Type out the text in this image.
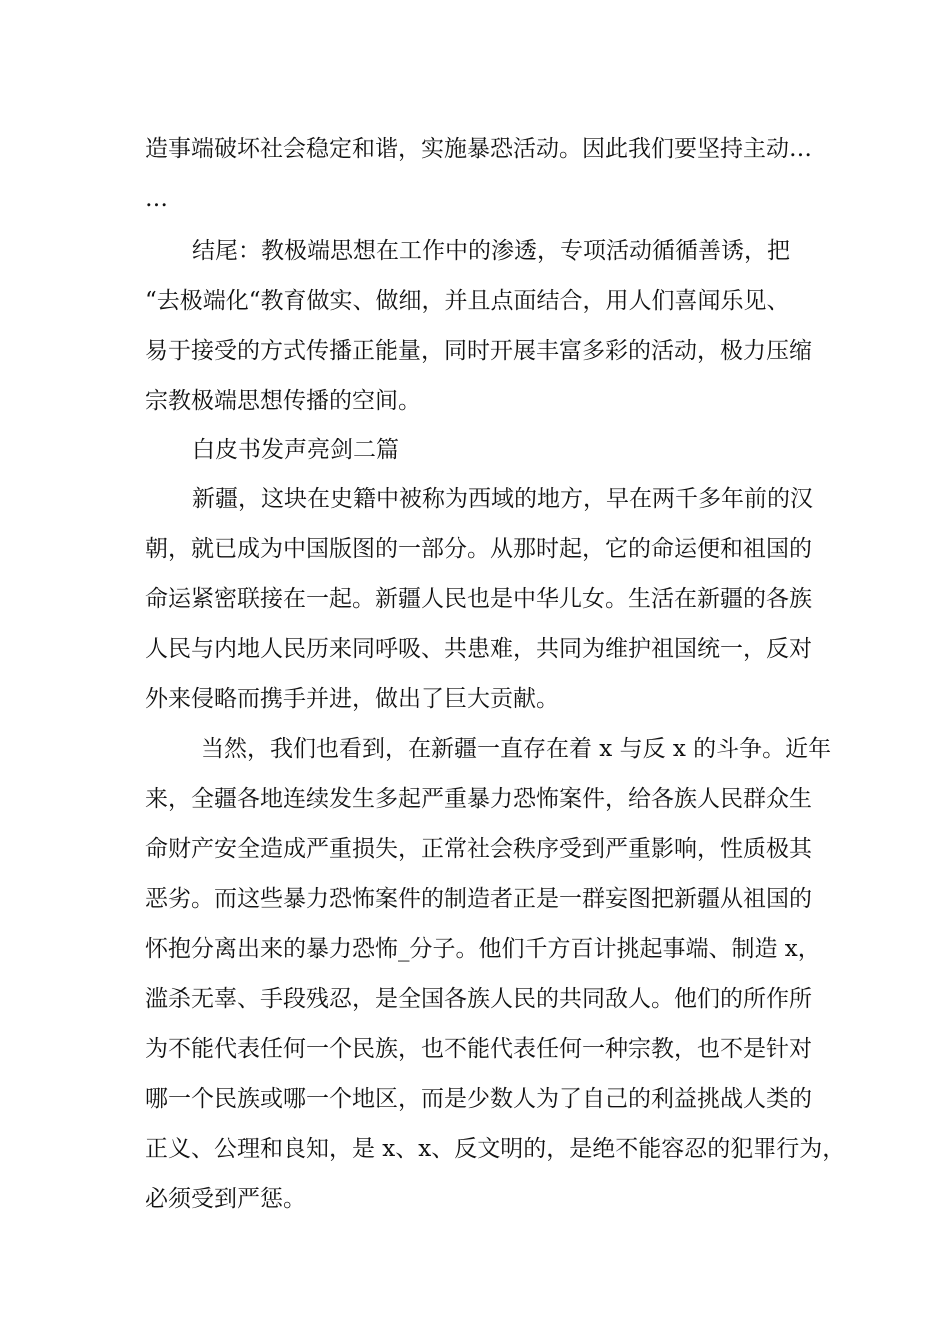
造事端破坏社会稳定和谐，实施暴恐活动。因此我们要坚持主动…
…
结尾：教极端思想在工作中的渗透，专项活动循循善诱，把
“去极端化“教育做实、做细，并且点面结合，用人们喜闻乐见、
易于接受的方式传播正能量，同时开展丰富多彩的活动，极力压缩
宗教极端思想传播的空间。
白皮书发声亮剑二篇
新疆，这块在史籍中被称为西域的地方，早在两千多年前的汉
朝，就已成为中国版图的一部分。从那时起，它的命运便和祖国的
命运紧密联接在一起。新疆人民也是中华儿女。生活在新疆的各族
人民与内地人民历来同呼吸、共患难，共同为维护祖国统一，反对
外来侵略而携手并进，做出了巨大贡献。
当然，我们也看到，在新疆一直存在着 x 与反 x 的斗争。近年
来，全疆各地连续发生多起严重暴力恐怖案件，给各族人民群众生
命财产安全造成严重损失，正常社会秩序受到严重影响，性质极其
恶劣。而这些暴力恐怖案件的制造者正是一群妄图把新疆从祖国的
怀抱分离出来的暴力恐怖_分子。他们千方百计挑起事端、制造 x，
滥杀无辜、手段残忍，是全国各族人民的共同敌人。他们的所作所
为不能代表任何一个民族，也不能代表任何一种宗教，也不是针对
哪一个民族或哪一个地区，而是少数人为了自己的利益挑战人类的
正义、公理和良知，是 x、x、反文明的，是绝不能容忍的犯罪行为，
必须受到严惩。
